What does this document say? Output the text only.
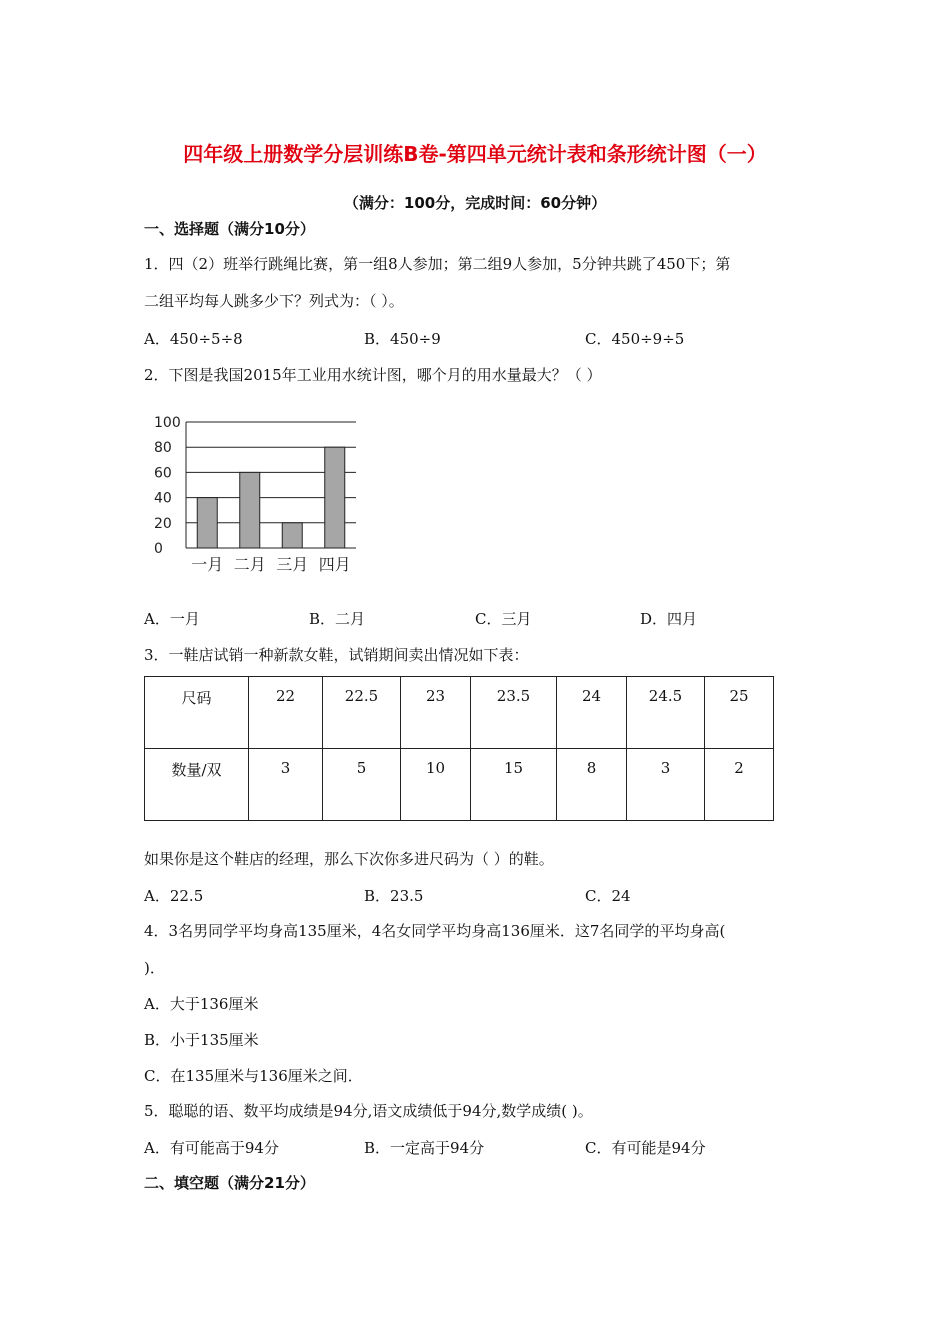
四年级上册数学分层训练B卷-第四单元统计表和条形统计图（一）
（满分：100分，完成时间：60分钟）
一、选择题（满分10分）
1．四（2）班举行跳绳比赛，第一组8人参加；第二组9人参加，5分钟共跳了450下；第
二组平均每人跳多少下？列式为：（ ）。
A．450÷5÷8	B．450÷9	C．450÷9÷5
2．下图是我国2015年工业用水统计图，哪个月的用水量最大？（ ）
100
80
60
40
20
0
一月 二月 三月 四月
A．一月	B．二月	C．三月	D．四月
3．一鞋店试销一种新款女鞋，试销期间卖出情况如下表：
尺码	22	22.5	23	23.5	24	24.5	25
数量/双	3	5	10	15	8	3	2
如果你是这个鞋店的经理，那么下次你多进尺码为（ ）的鞋。
A．22.5	B．23.5	C．24
4．3名男同学平均身高135厘米，4名女同学平均身高136厘米．这7名同学的平均身高(
)．
A．大于136厘米
B．小于135厘米
C．在135厘米与136厘米之间．
5．聪聪的语、数平均成绩是94分,语文成绩低于94分,数学成绩( )。
A．有可能高于94分	B．一定高于94分	C．有可能是94分
二、填空题（满分21分）
